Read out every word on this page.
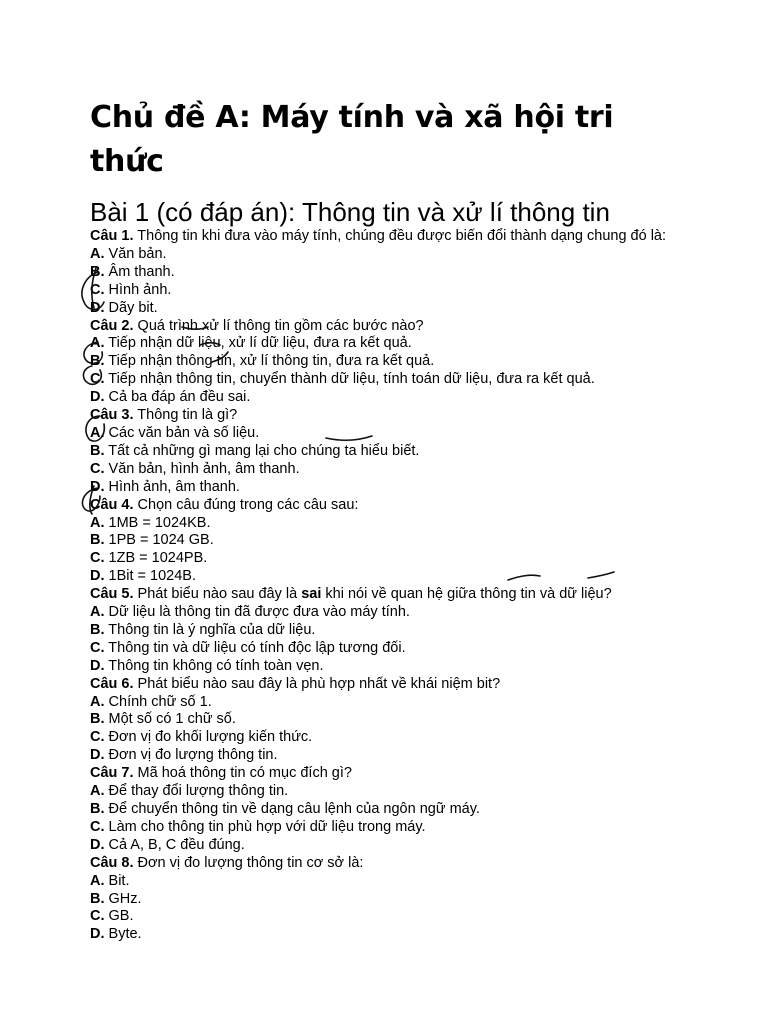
Chủ đề A: Máy tính và xã hội tri thức
Bài 1 (có đáp án): Thông tin và xử lí thông tin
Câu 1. Thông tin khi đưa vào máy tính, chúng đều được biến đổi thành dạng chung đó là:
A. Văn bản.
B. Âm thanh.
C. Hình ảnh.
D. Dãy bit.
Câu 2. Quá trình xử lí thông tin gồm các bước nào?
A. Tiếp nhận dữ liệu, xử lí dữ liệu, đưa ra kết quả.
B. Tiếp nhận thông tin, xử lí thông tin, đưa ra kết quả.
C. Tiếp nhận thông tin, chuyển thành dữ liệu, tính toán dữ liệu, đưa ra kết quả.
D. Cả ba đáp án đều sai.
Câu 3. Thông tin là gì?
A. Các văn bản và số liệu.
B. Tất cả những gì mang lại cho chúng ta hiểu biết.
C. Văn bản, hình ảnh, âm thanh.
D. Hình ảnh, âm thanh.
Câu 4. Chọn câu đúng trong các câu sau:
A. 1MB = 1024KB.
B. 1PB = 1024 GB.
C. 1ZB = 1024PB.
D. 1Bit = 1024B.
Câu 5. Phát biểu nào sau đây là sai khi nói về quan hệ giữa thông tin và dữ liệu?
A. Dữ liệu là thông tin đã được đưa vào máy tính.
B. Thông tin là ý nghĩa của dữ liệu.
C. Thông tin và dữ liệu có tính độc lập tương đối.
D. Thông tin không có tính toàn vẹn.
Câu 6. Phát biểu nào sau đây là phù hợp nhất về khái niệm bit?
A. Chính chữ số 1.
B. Một số có 1 chữ số.
C. Đơn vị đo khối lượng kiến thức.
D. Đơn vị đo lượng thông tin.
Câu 7. Mã hoá thông tin có mục đích gì?
A. Để thay đổi lượng thông tin.
B. Để chuyển thông tin về dạng câu lệnh của ngôn ngữ máy.
C. Làm cho thông tin phù hợp với dữ liệu trong máy.
D. Cả A, B, C đều đúng.
Câu 8. Đơn vị đo lượng thông tin cơ sở là:
A. Bit.
B. GHz.
C. GB.
D. Byte.
